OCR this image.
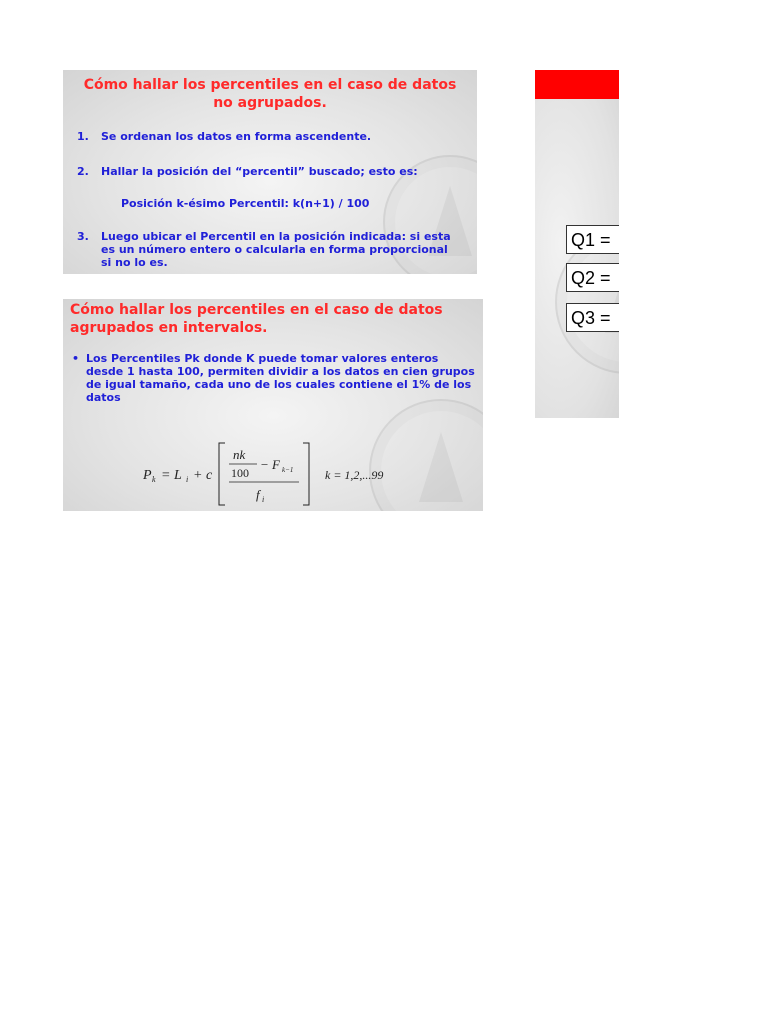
Cómo hallar los percentiles en el caso de datos no agrupados.
1. Se ordenan los datos en forma ascendente.
2. Hallar la posición del “percentil” buscado; esto es:
Posición k-ésimo Percentil: k(n+1) / 100
3. Luego ubicar el Percentil en la posición indicada: si esta es un número entero o calcularla en forma proporcional si no lo es.
Cómo hallar los percentiles en el caso de datos agrupados en intervalos.
• Los Percentiles Pk donde K puede tomar valores enteros desde 1 hasta 100, permiten dividir a los datos en cien grupos de igual tamaño, cada uno de los cuales contiene el 1% de los datos
P k = L i + c
nk
100
− F k−1
f i
k = 1,2,...99
Q1 =
Q2 =
Q3 =
